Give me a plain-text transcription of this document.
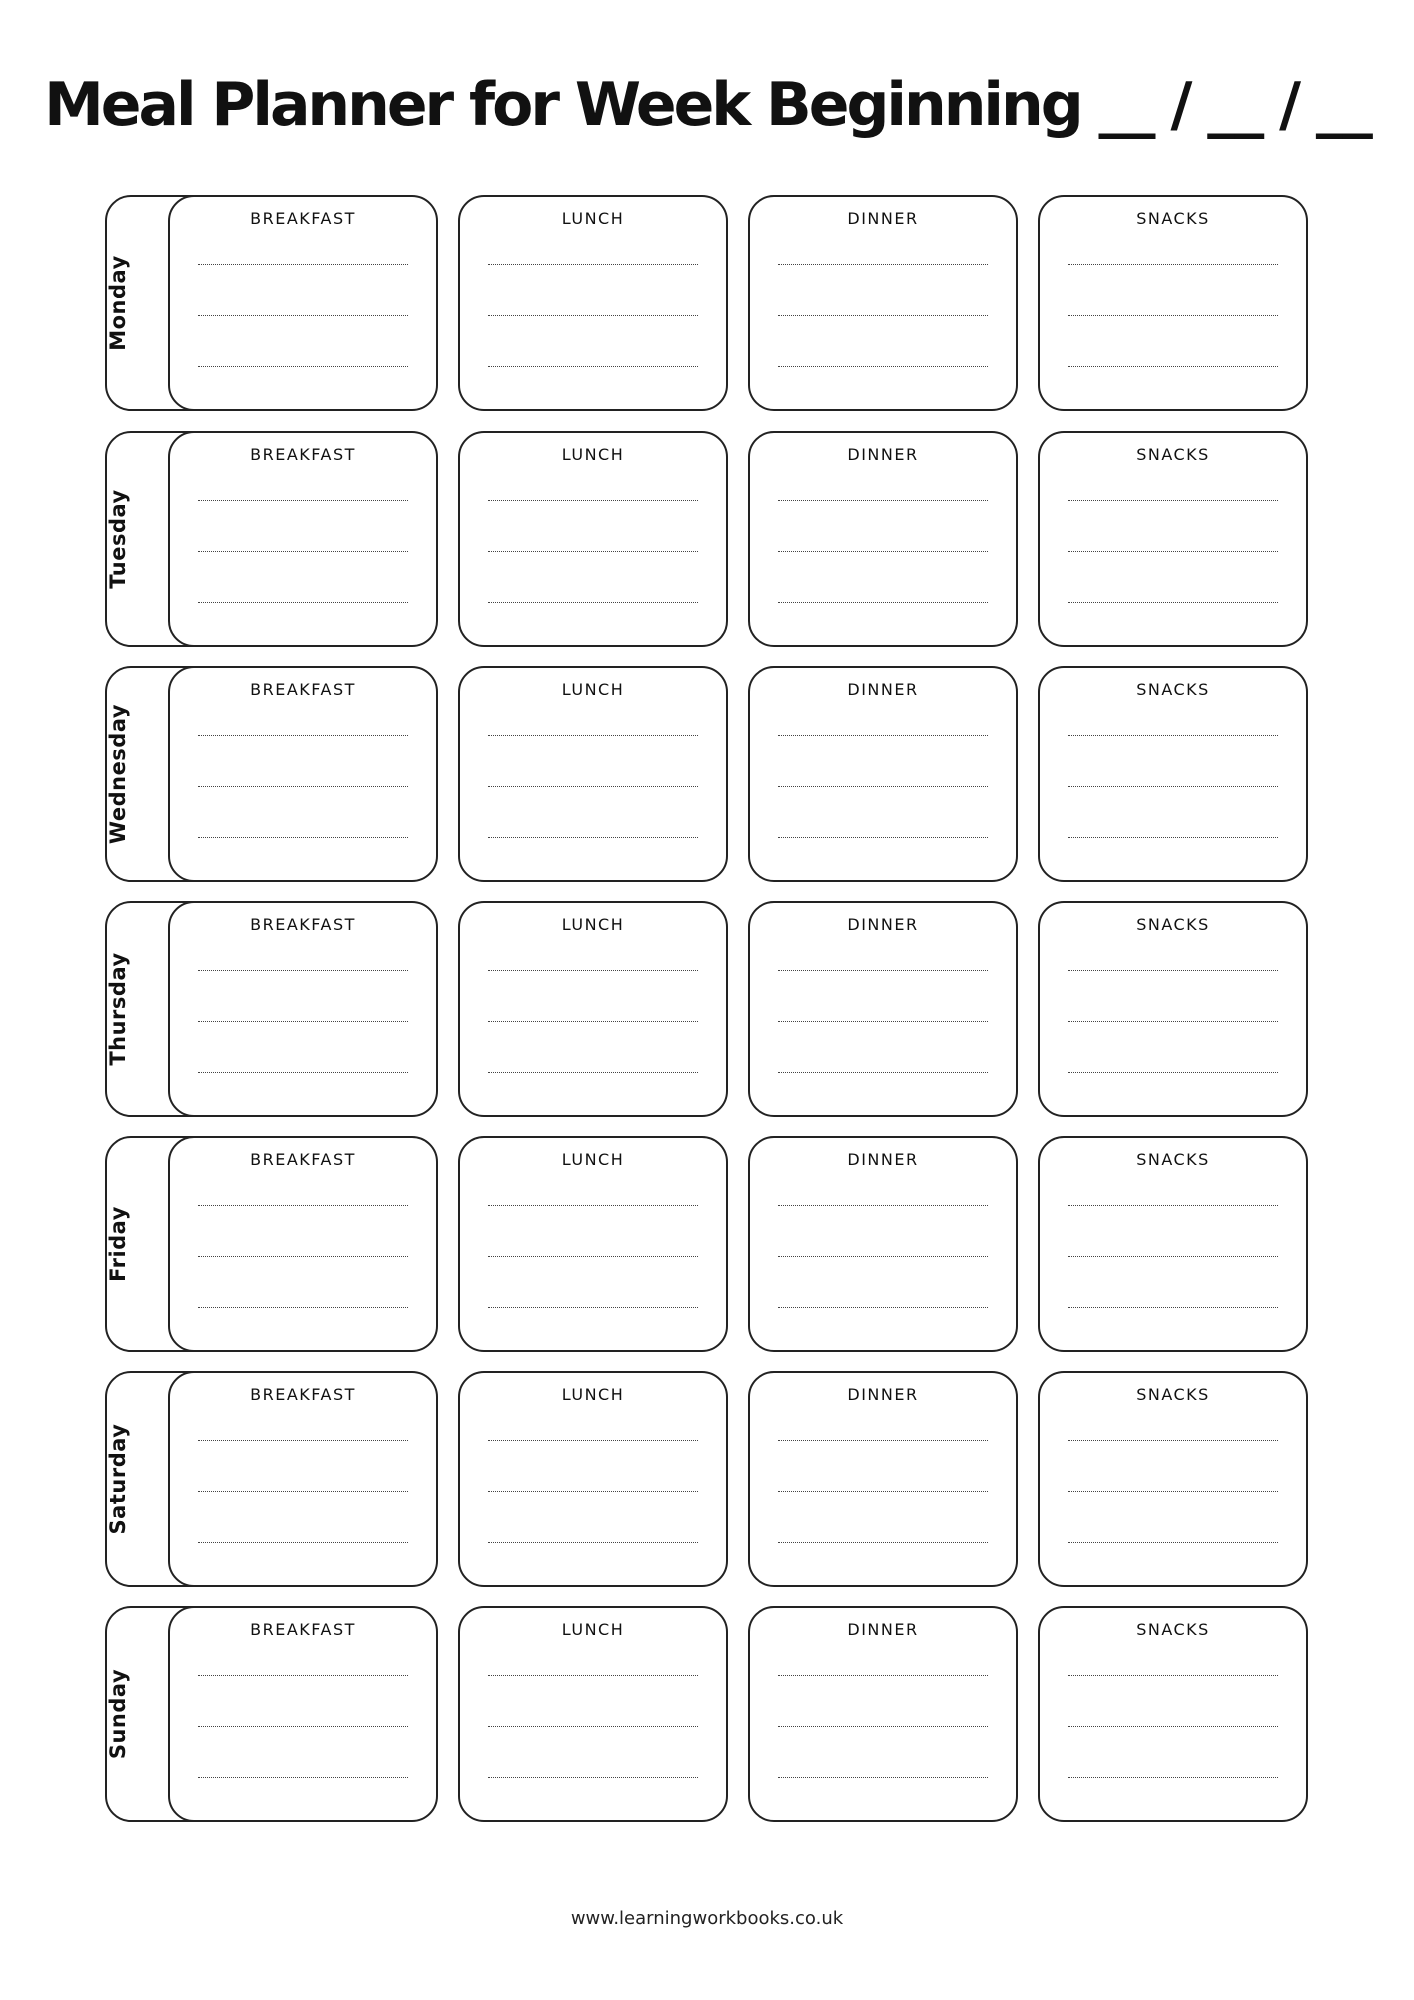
Meal Planner for Week Beginning __ / __ / __
Monday
BREAKFAST	LUNCH	DINNER	SNACKS
Tuesday
BREAKFAST	LUNCH	DINNER	SNACKS
Wednesday
BREAKFAST	LUNCH	DINNER	SNACKS
Thursday
BREAKFAST	LUNCH	DINNER	SNACKS
Friday
BREAKFAST	LUNCH	DINNER	SNACKS
Saturday
BREAKFAST	LUNCH	DINNER	SNACKS
Sunday
BREAKFAST	LUNCH	DINNER	SNACKS
www.learningworkbooks.co.uk
